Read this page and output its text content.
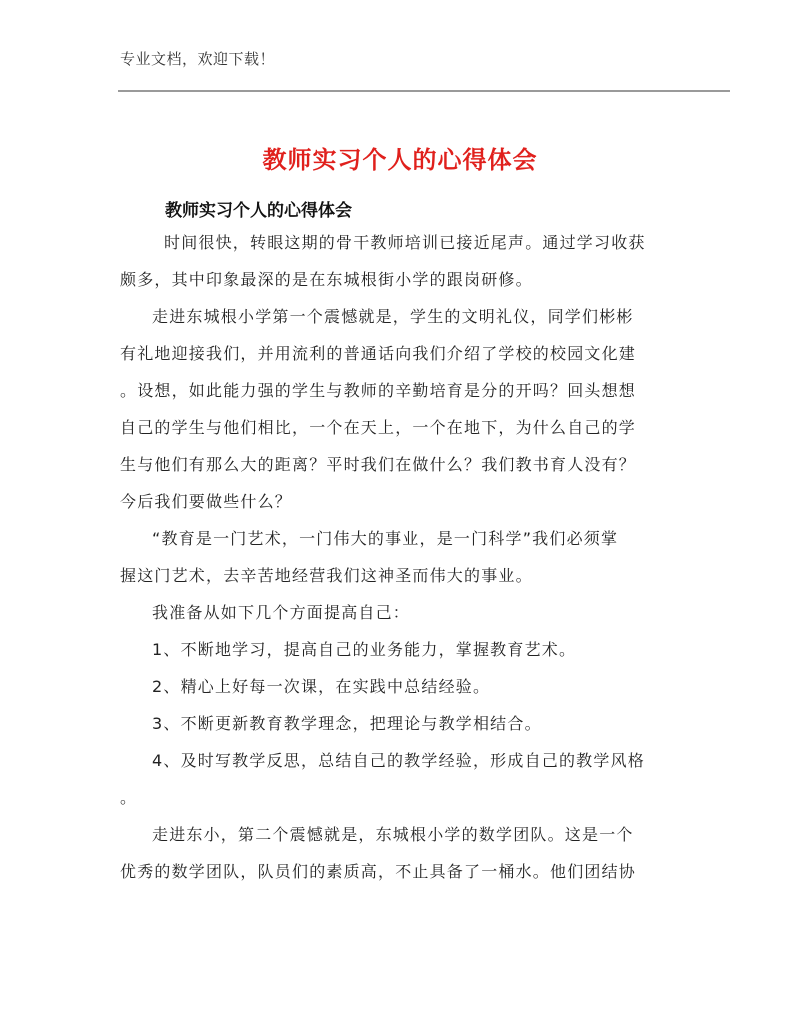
专业文档，欢迎下载！
教师实习个人的心得体会
教师实习个人的心得体会
时间很快，转眼这期的骨干教师培训已接近尾声。通过学习收获
颇多，其中印象最深的是在东城根街小学的跟岗研修。
走进东城根小学第一个震憾就是，学生的文明礼仪，同学们彬彬
有礼地迎接我们，并用流利的普通话向我们介绍了学校的校园文化建
。设想，如此能力强的学生与教师的辛勤培育是分的开吗？回头想想
自己的学生与他们相比，一个在天上，一个在地下，为什么自己的学
生与他们有那么大的距离？平时我们在做什么？我们教书育人没有？
今后我们要做些什么？
“教育是一门艺术，一门伟大的事业，是一门科学”我们必须掌
握这门艺术，去辛苦地经营我们这神圣而伟大的事业。
我准备从如下几个方面提高自己：
1、不断地学习，提高自己的业务能力，掌握教育艺术。
2、精心上好每一次课，在实践中总结经验。
3、不断更新教育教学理念，把理论与教学相结合。
4、及时写教学反思，总结自己的教学经验，形成自己的教学风格
。
走进东小，第二个震憾就是，东城根小学的数学团队。这是一个
优秀的数学团队，队员们的素质高，不止具备了一桶水。他们团结协
